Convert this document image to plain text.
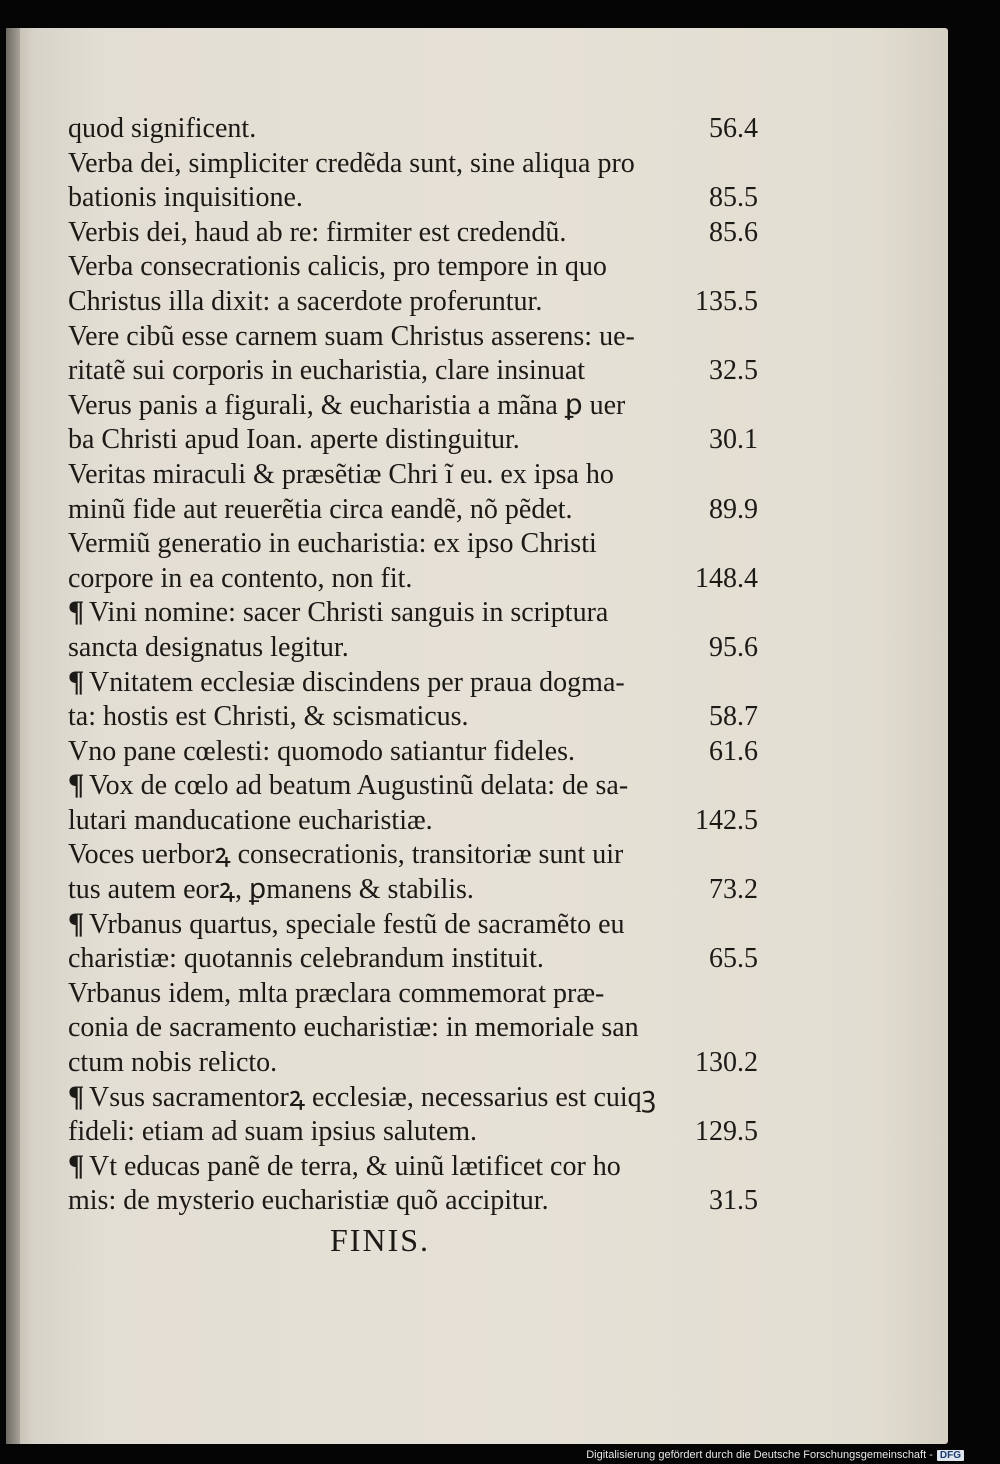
quod significent.	56.4
Verba dei, simpliciter credẽda sunt, sine aliqua pro
bationis inquisitione.	85.5
Verbis dei, haud ab re: firmiter est credendũ.	85.6
Verba consecrationis calicis, pro tempore in quo
Christus illa dixit: a sacerdote proferuntur.	135.5
Vere cibũ esse carnem suam Christus asserens: ue-
ritatẽ sui corporis in eucharistia, clare insinuat	32.5
Verus panis a figurali, & eucharistia a mãna ꝑ uer
ba Christi apud Ioan. aperte distinguitur.	30.1
Veritas miraculi & præsẽtiæ Chri ĩ eu. ex ipsa ho
minũ fide aut reuerẽtia circa eandẽ, nõ pẽdet.	89.9
Vermiũ generatio in eucharistia: ex ipso Christi
corpore in ea contento, non fit.	148.4
¶ Vini nomine: sacer Christi sanguis in scriptura
sancta designatus legitur.	95.6
¶ Vnitatem ecclesiæ discindens per praua dogma-
ta: hostis est Christi, & scismaticus.	58.7
Vno pane cœlesti: quomodo satiantur fideles.	61.6
¶ Vox de cœlo ad beatum Augustinũ delata: de sa-
lutari manducatione eucharistiæ.	142.5
Voces uerborꝝ consecrationis, transitoriæ sunt uir
tus autem eorꝝ, ꝑmanens & stabilis.	73.2
¶ Vrbanus quartus, speciale festũ de sacramẽto eu
charistiæ: quotannis celebrandum instituit.	65.5
Vrbanus idem, mlta præclara commemorat præ-
conia de sacramento eucharistiæ: in memoriale san
ctum nobis relicto.	130.2
¶ Vsus sacramentorꝝ ecclesiæ, necessarius est cuiqꝫ
fideli: etiam ad suam ipsius salutem.	129.5
¶ Vt educas panẽ de terra, & uinũ lætificet cor ho
mis: de mysterio eucharistiæ quõ accipitur.	31.5
FINIS.
Digitalisierung gefördert durch die Deutsche Forschungsgemeinschaft - DFG
